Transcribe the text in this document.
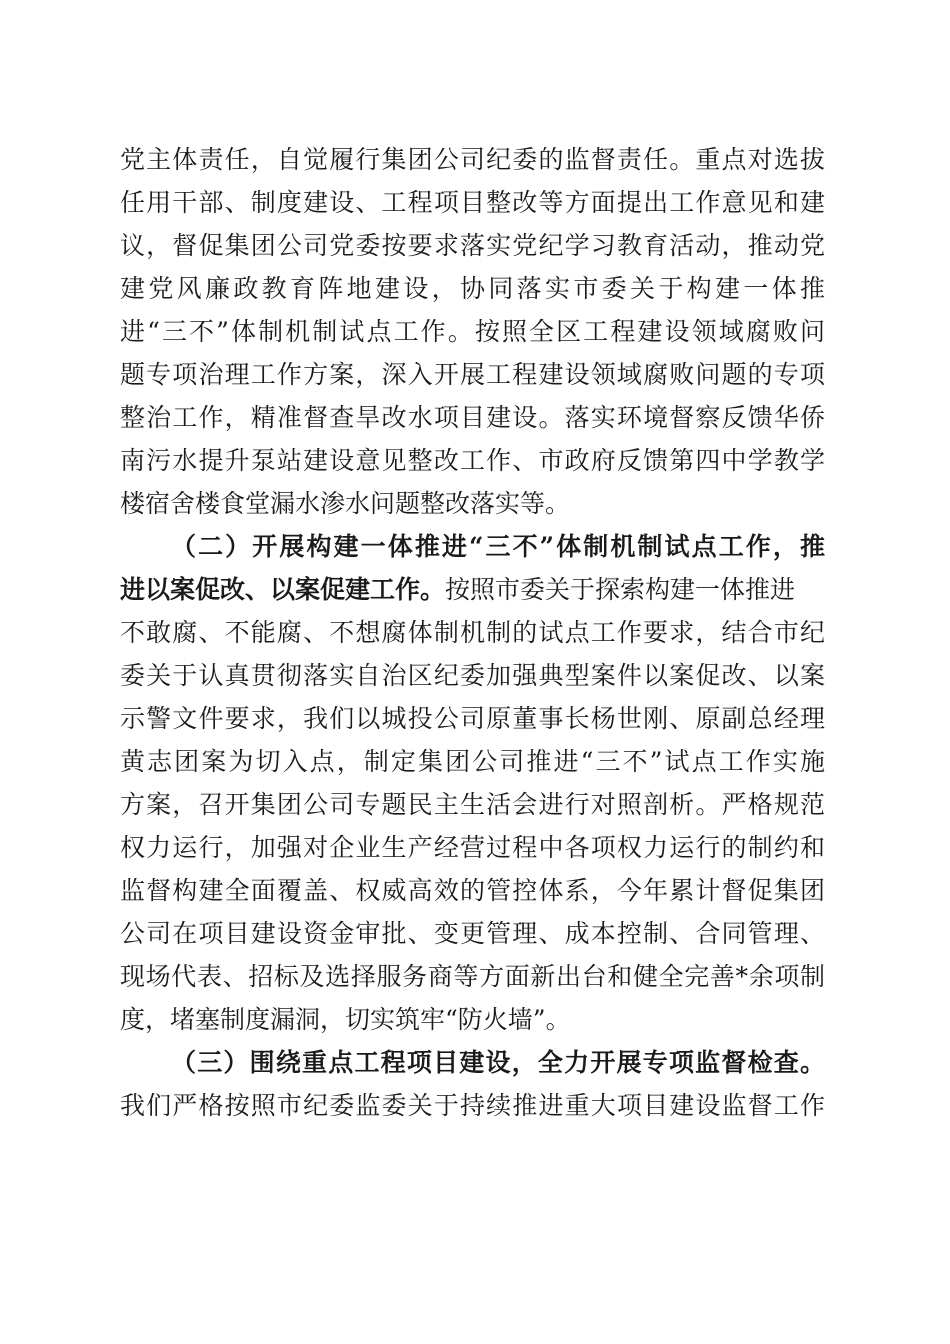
党主体责任，自觉履行集团公司纪委的监督责任。重点对选拔
任用干部、制度建设、工程项目整改等方面提出工作意见和建
议，督促集团公司党委按要求落实党纪学习教育活动，推动党
建党风廉政教育阵地建设，协同落实市委关于构建一体推
进“三不”体制机制试点工作。按照全区工程建设领域腐败问
题专项治理工作方案，深入开展工程建设领域腐败问题的专项
整治工作，精准督查旱改水项目建设。落实环境督察反馈华侨
南污水提升泵站建设意见整改工作、市政府反馈第四中学教学
楼宿舍楼食堂漏水渗水问题整改落实等。
（二）开展构建一体推进“三不”体制机制试点工作，推
进以案促改、以案促建工作。按照市委关于探索构建一体推进
不敢腐、不能腐、不想腐体制机制的试点工作要求，结合市纪
委关于认真贯彻落实自治区纪委加强典型案件以案促改、以案
示警文件要求，我们以城投公司原董事长杨世刚、原副总经理
黄志团案为切入点，制定集团公司推进“三不”试点工作实施
方案，召开集团公司专题民主生活会进行对照剖析。严格规范
权力运行，加强对企业生产经营过程中各项权力运行的制约和
监督构建全面覆盖、权威高效的管控体系，今年累计督促集团
公司在项目建设资金审批、变更管理、成本控制、合同管理、
现场代表、招标及选择服务商等方面新出台和健全完善*余项制
度，堵塞制度漏洞，切实筑牢“防火墙”。
（三）围绕重点工程项目建设，全力开展专项监督检查。
我们严格按照市纪委监委关于持续推进重大项目建设监督工作
